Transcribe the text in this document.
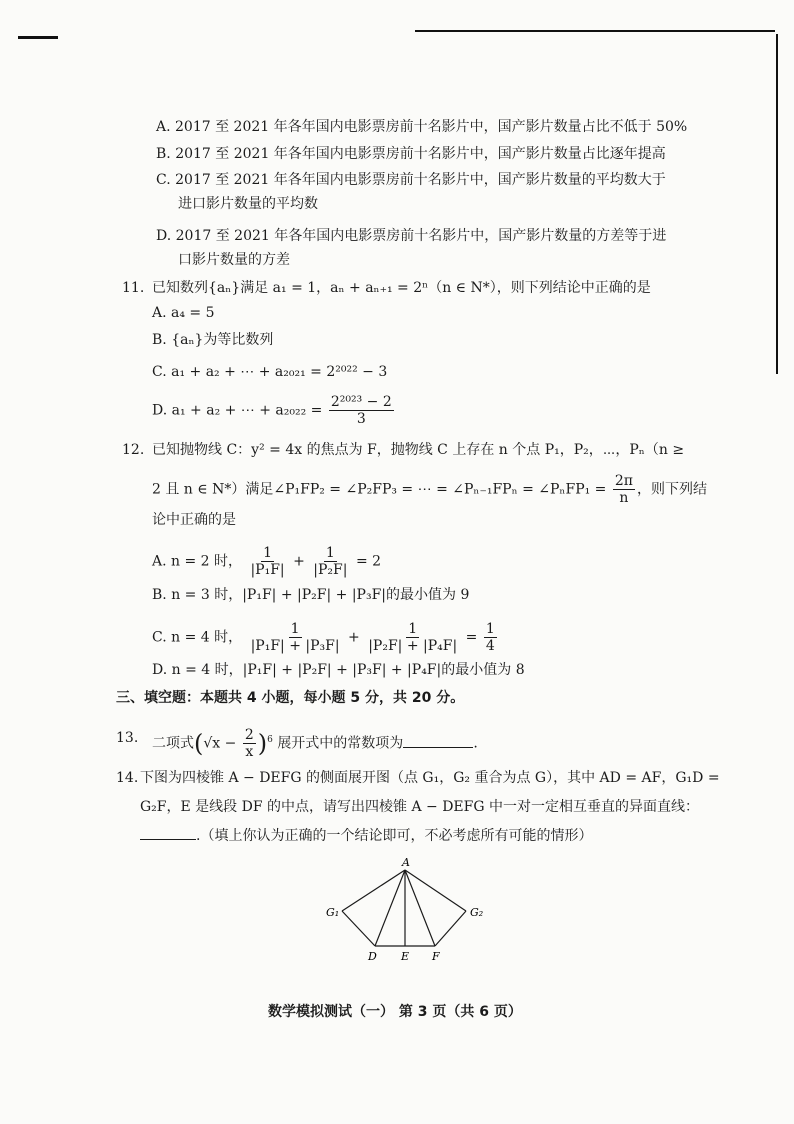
A. 2017 至 2021 年各年国内电影票房前十名影片中，国产影片数量占比不低于 50%
B. 2017 至 2021 年各年国内电影票房前十名影片中，国产影片数量占比逐年提高
C. 2017 至 2021 年各年国内电影票房前十名影片中，国产影片数量的平均数大于
进口影片数量的平均数
D. 2017 至 2021 年各年国内电影票房前十名影片中，国产影片数量的方差等于进
口影片数量的方差
11. 已知数列{aₙ}满足 a₁ = 1，aₙ + aₙ₊₁ = 2ⁿ（n ∈ N*），则下列结论中正确的是
A. a₄ = 5
B. {aₙ}为等比数列
C. a₁ + a₂ + ⋯ + a₂₀₂₁ = 2²⁰²² − 3
D. a₁ + a₂ + ⋯ + $a_{2022} = \frac{\text{2²⁰²³ − 2}}{3}$
12. 已知抛物线 C：y² = 4x 的焦点为 F，抛物线 C 上存在 n 个点 P₁，P₂，⋯，Pₙ（n ≥
2 且 n ∈ N*）满足∠P₁FP₂ = ∠P₂FP₃ = ⋯ = ∠Pₙ₋₁FPₙ = ∠PₙFP₁ = $\frac{2\pi}{n}$ ，则下列结
论中正确的是
A. n = 2 时， $\frac{1}{\text{|P₁F|}} + \frac{1}{\text{|P₂F|}} = 2$
B. n = 3 时，|P₁F| + |P₂F| + |P₃F|的最小值为 9
C. n = 4 时， $\frac{1}{\text{|P₁F| + |P₃F|}} + \frac{1}{\text{|P₂F| + |P₄F|}} = \frac{1}{4}$
D. n = 4 时，|P₁F| + |P₂F| + |P₃F| + |P₄F|的最小值为 8
三、填空题：本题共 4 小题，每小题 5 分，共 20 分。
13. 二项式$(√x - \frac{2}{x} )^6$ 展开式中的常数项为	.
14. 下图为四棱锥 A − DEFG 的侧面展开图（点 G₁，G₂ 重合为点 G），其中 AD = AF，G₁D =
G₂F，E 是线段 DF 的中点，请写出四棱锥 A − DEFG 中一对一定相互垂直的异面直线：
.（填上你认为正确的一个结论即可，不必考虑所有可能的情形）
A
G₁	G₂
D E F
数学模拟测试（一） 第 3 页（共 6 页）
